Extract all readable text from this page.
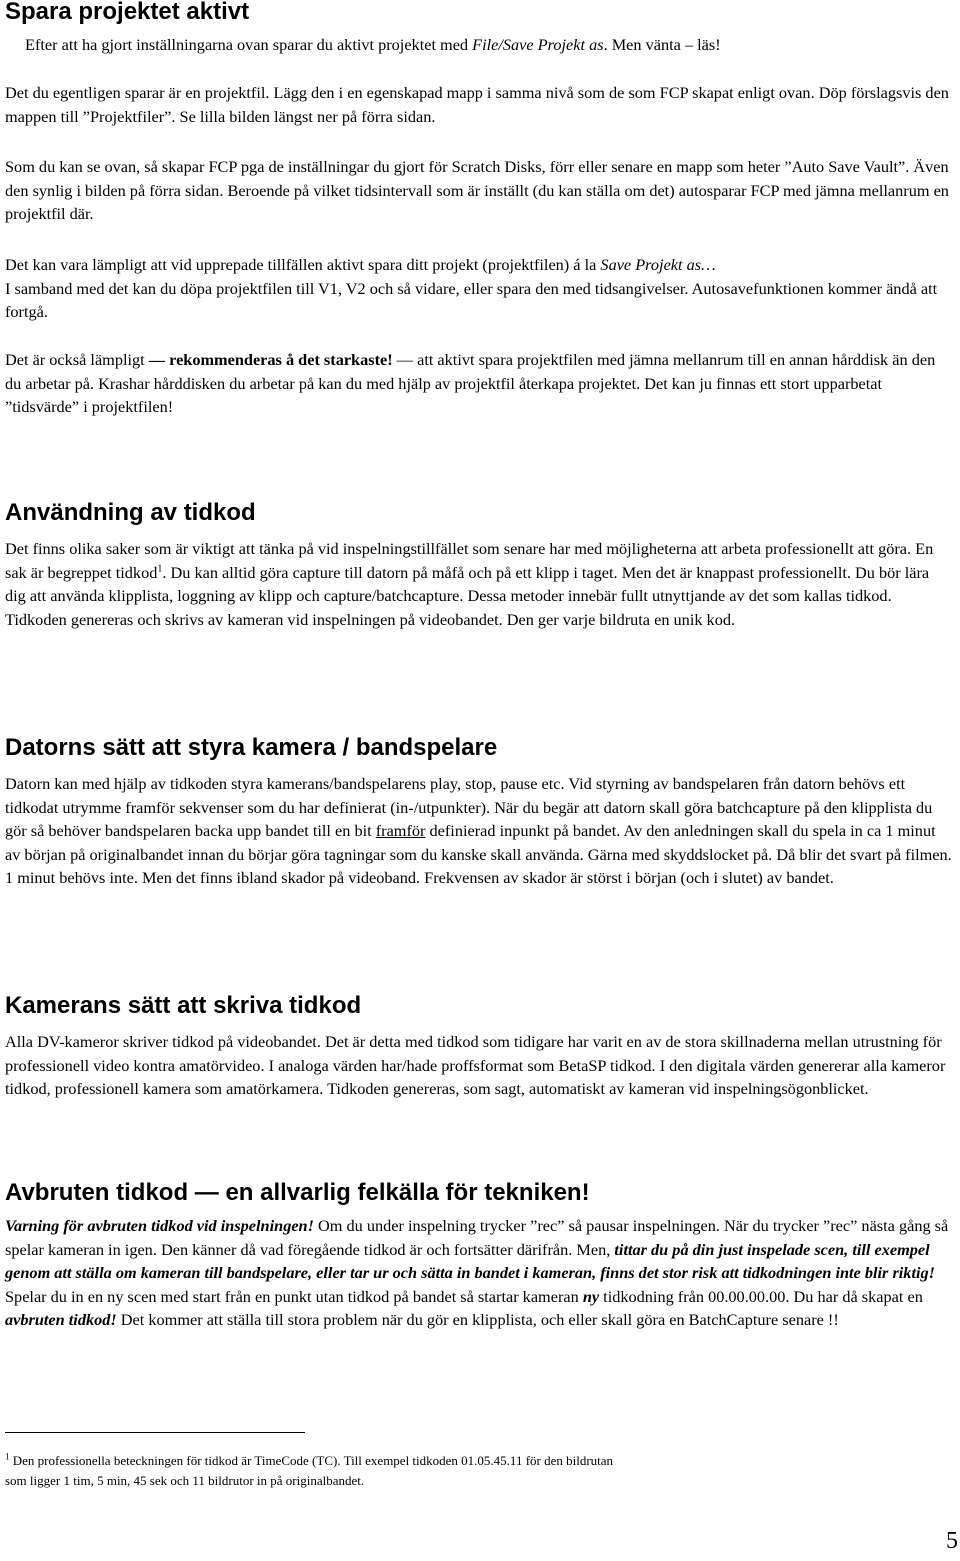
Spara projektet aktivt

Efter att ha gjort inställningarna ovan sparar du aktivt projektet med File/Save Projekt as. Men vänta – läs!

Det du egentligen sparar är en projektfil. Lägg den i en egenskapad mapp i samma nivå som de som FCP skapat enligt ovan. Döp förslagsvis den mappen till ”Projektfiler”. Se lilla bilden längst ner på förra sidan.

Som du kan se ovan, så skapar FCP pga de inställningar du gjort för Scratch Disks, förr eller senare en mapp som heter ”Auto Save Vault”. Även den synlig i bilden på förra sidan. Beroende på vilket tidsintervall som är inställt (du kan ställa om det) autosparar FCP med jämna mellanrum en projektfil där.

Det kan vara lämpligt att vid upprepade tillfällen aktivt spara ditt projekt (projektfilen) á la Save Projekt as…
I samband med det kan du döpa projektfilen till V1, V2 och så vidare, eller spara den med tidsangivelser. Autosavefunktionen kommer ändå att fortgå.

Det är också lämpligt — rekommenderas å det starkaste! — att aktivt spara projektfilen med jämna mellanrum till en annan hårddisk än den du arbetar på. Krashar hårddisken du arbetar på kan du med hjälp av projektfil återkapa projektet. Det kan ju finnas ett stort upparbetat ”tidsvärde” i projektfilen!

Användning av tidkod

Det finns olika saker som är viktigt att tänka på vid inspelningstillfället som senare har med möjligheterna att arbeta professionellt att göra. En sak är begreppet tidkod$^1$. Du kan alltid göra capture till datorn på måfå och på ett klipp i taget. Men det är knappast professionellt. Du bör lära dig att använda klipplista, loggning av klipp och capture/batchcapture. Dessa metoder innebär fullt utnyttjande av det som kallas tidkod. Tidkoden genereras och skrivs av kameran vid inspelningen på videobandet. Den ger varje bildruta en unik kod.

Datorns sätt att styra kamera / bandspelare

Datorn kan med hjälp av tidkoden styra kamerans/bandspelarens play, stop, pause etc. Vid styrning av bandspelaren från datorn behövs ett tidkodat utrymme framför sekvenser som du har definierat (in-/utpunkter). När du begär att datorn skall göra batchcapture på den klipplista du gör så behöver bandspelaren backa upp bandet till en bit framför definierad inpunkt på bandet. Av den anledningen skall du spela in ca 1 minut av början på originalbandet innan du börjar göra tagningar som du kanske skall använda. Gärna med skyddslocket på. Då blir det svart på filmen. 1 minut behövs inte. Men det finns ibland skador på videoband. Frekvensen av skador är störst i början (och i slutet) av bandet.

Kamerans sätt att skriva tidkod

Alla DV-kameror skriver tidkod på videobandet. Det är detta med tidkod som tidigare har varit en av de stora skillnaderna mellan utrustning för professionell video kontra amatörvideo. I analoga värden har/hade proffsformat som BetaSP tidkod. I den digitala värden genererar alla kameror tidkod, professionell kamera som amatörkamera. Tidkoden genereras, som sagt, automatiskt av kameran vid inspelningsögonblicket.

Avbruten tidkod — en allvarlig felkälla för tekniken!

Varning för avbruten tidkod vid inspelningen! Om du under inspelning trycker ”rec” så pausar inspelningen. När du trycker ”rec” nästa gång så spelar kameran in igen. Den känner då vad föregående tidkod är och fortsätter därifrån. Men, tittar du på din just inspelade scen, till exempel genom att ställa om kameran till bandspelare, eller tar ur och sätta in bandet i kameran, finns det stor risk att tidkodningen inte blir riktig! Spelar du in en ny scen med start från en punkt utan tidkod på bandet så startar kameran ny tidkodning från 00.00.00.00. Du har då skapat en avbruten tidkod! Det kommer att ställa till stora problem när du gör en klipplista, och eller skall göra en BatchCapture senare !!

$^1$ Den professionella beteckningen för tidkod är TimeCode (TC). Till exempel tidkoden 01.05.45.11 för den bildrutan
som ligger 1 tim, 5 min, 45 sek och 11 bildrutor in på originalbandet.
5
